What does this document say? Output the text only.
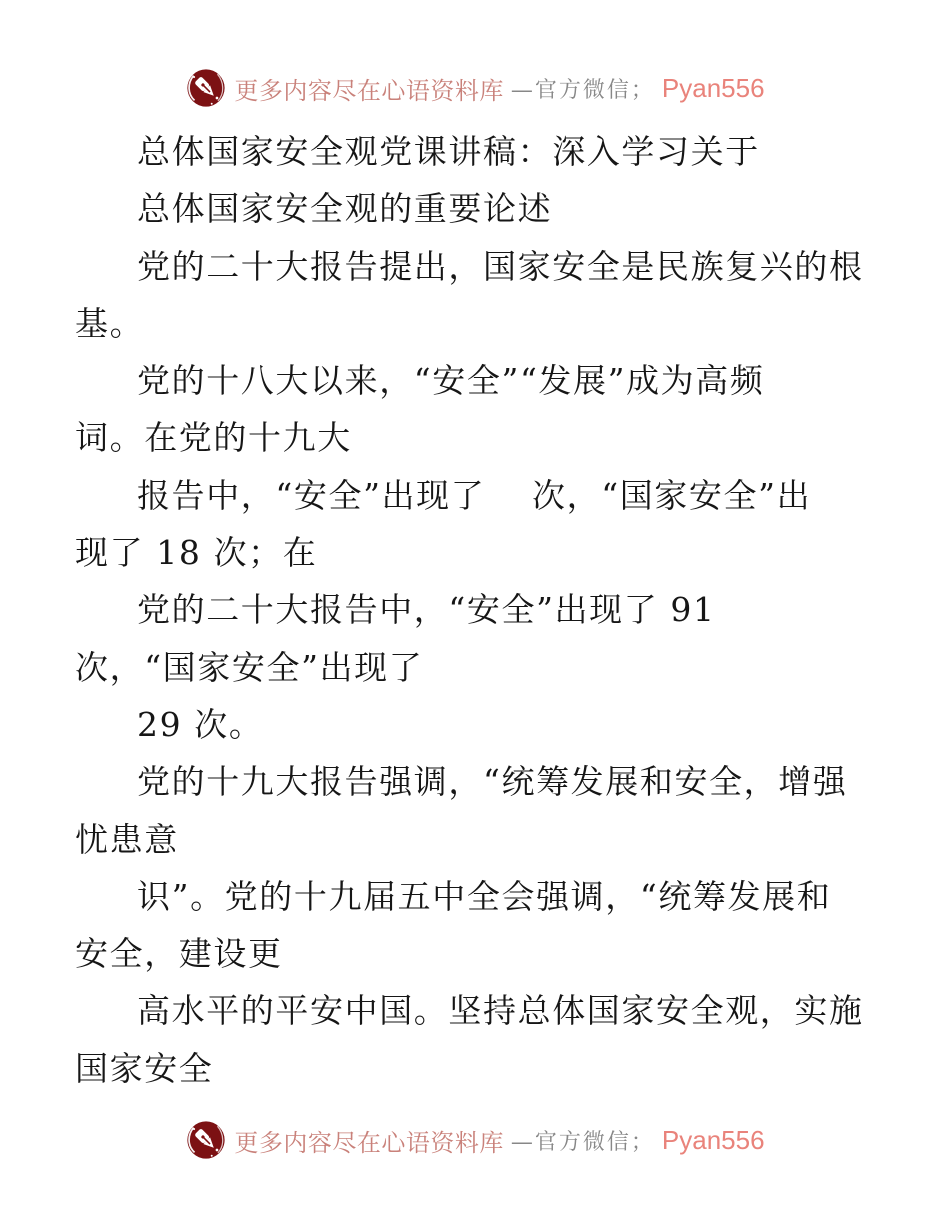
更多内容尽在心语资料库 —官方微信； Pyan556
总体国家安全观党课讲稿：深入学习关于
总体国家安全观的重要论述
党的二十大报告提出，国家安全是民族复兴的根
基。
党的十八大以来，“安全”“发展”成为高频
词。在党的十九大
报告中，“安全”出现了　 次，“国家安全”出
现了 18 次；在
党的二十大报告中，“安全”出现了 91
次，“国家安全”出现了
29 次。
党的十九大报告强调，“统筹发展和安全，增强
忧患意
识”。党的十九届五中全会强调，“统筹发展和
安全，建设更
高水平的平安中国。坚持总体国家安全观，实施
国家安全
更多内容尽在心语资料库 —官方微信； Pyan556
